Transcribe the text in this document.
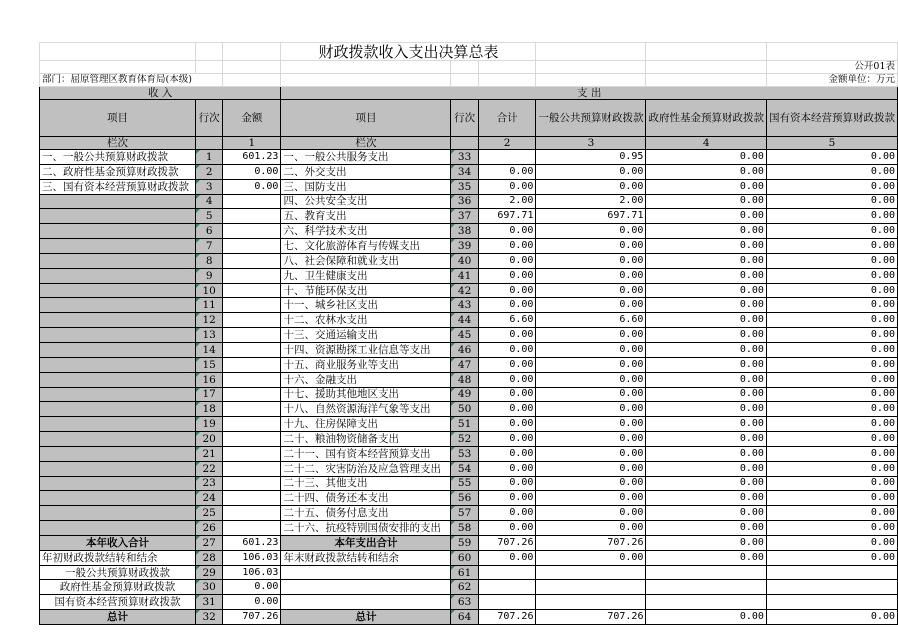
			财政拨款收入支出决算总表					
								公开01表
部门：屈原管理区教育体育局(本级)								金额单位：万元
收 入			支 出					
项目	行次	金额	项目	行次	合计	一般公共预算财政拨款	政府性基金预算财政拨款	国有资本经营预算财政拨款
栏次		1	栏次		2	3	4	5
一、一般公共预算财政拨款	1	601.23	一、一般公共服务支出	33		0.95	0.00	0.00
二、政府性基金预算财政拨款	2	0.00	二、外交支出	34	0.00	0.00	0.00	0.00
三、国有资本经营预算财政拨款	3	0.00	三、国防支出	35	0.00	0.00	0.00	0.00
	4		四、公共安全支出	36	2.00	2.00	0.00	0.00
	5		五、教育支出	37	697.71	697.71	0.00	0.00
	6		六、科学技术支出	38	0.00	0.00	0.00	0.00
	7		七、文化旅游体育与传媒支出	39	0.00	0.00	0.00	0.00
	8		八、社会保障和就业支出	40	0.00	0.00	0.00	0.00
	9		九、卫生健康支出	41	0.00	0.00	0.00	0.00
	10		十、节能环保支出	42	0.00	0.00	0.00	0.00
	11		十一、城乡社区支出	43	0.00	0.00	0.00	0.00
	12		十二、农林水支出	44	6.60	6.60	0.00	0.00
	13		十三、交通运输支出	45	0.00	0.00	0.00	0.00
	14		十四、资源勘探工业信息等支出	46	0.00	0.00	0.00	0.00
	15		十五、商业服务业等支出	47	0.00	0.00	0.00	0.00
	16		十六、金融支出	48	0.00	0.00	0.00	0.00
	17		十七、援助其他地区支出	49	0.00	0.00	0.00	0.00
	18		十八、自然资源海洋气象等支出	50	0.00	0.00	0.00	0.00
	19		十九、住房保障支出	51	0.00	0.00	0.00	0.00
	20		二十、粮油物资储备支出	52	0.00	0.00	0.00	0.00
	21		二十一、国有资本经营预算支出	53	0.00	0.00	0.00	0.00
	22		二十二、灾害防治及应急管理支出	54	0.00	0.00	0.00	0.00
	23		二十三、其他支出	55	0.00	0.00	0.00	0.00
	24		二十四、债务还本支出	56	0.00	0.00	0.00	0.00
	25		二十五、债务付息支出	57	0.00	0.00	0.00	0.00
	26		二十六、抗疫特别国债安排的支出	58	0.00	0.00	0.00	0.00
本年收入合计	27	601.23	本年支出合计	59	707.26	707.26	0.00	0.00
年初财政拨款结转和结余	28	106.03	年末财政拨款结转和结余	60	0.00	0.00	0.00	0.00
一般公共预算财政拨款	29	106.03		61				
政府性基金预算财政拨款	30	0.00		62				
国有资本经营预算财政拨款	31	0.00		63				
总计	32	707.26	总计	64	707.26	707.26	0.00	0.00
